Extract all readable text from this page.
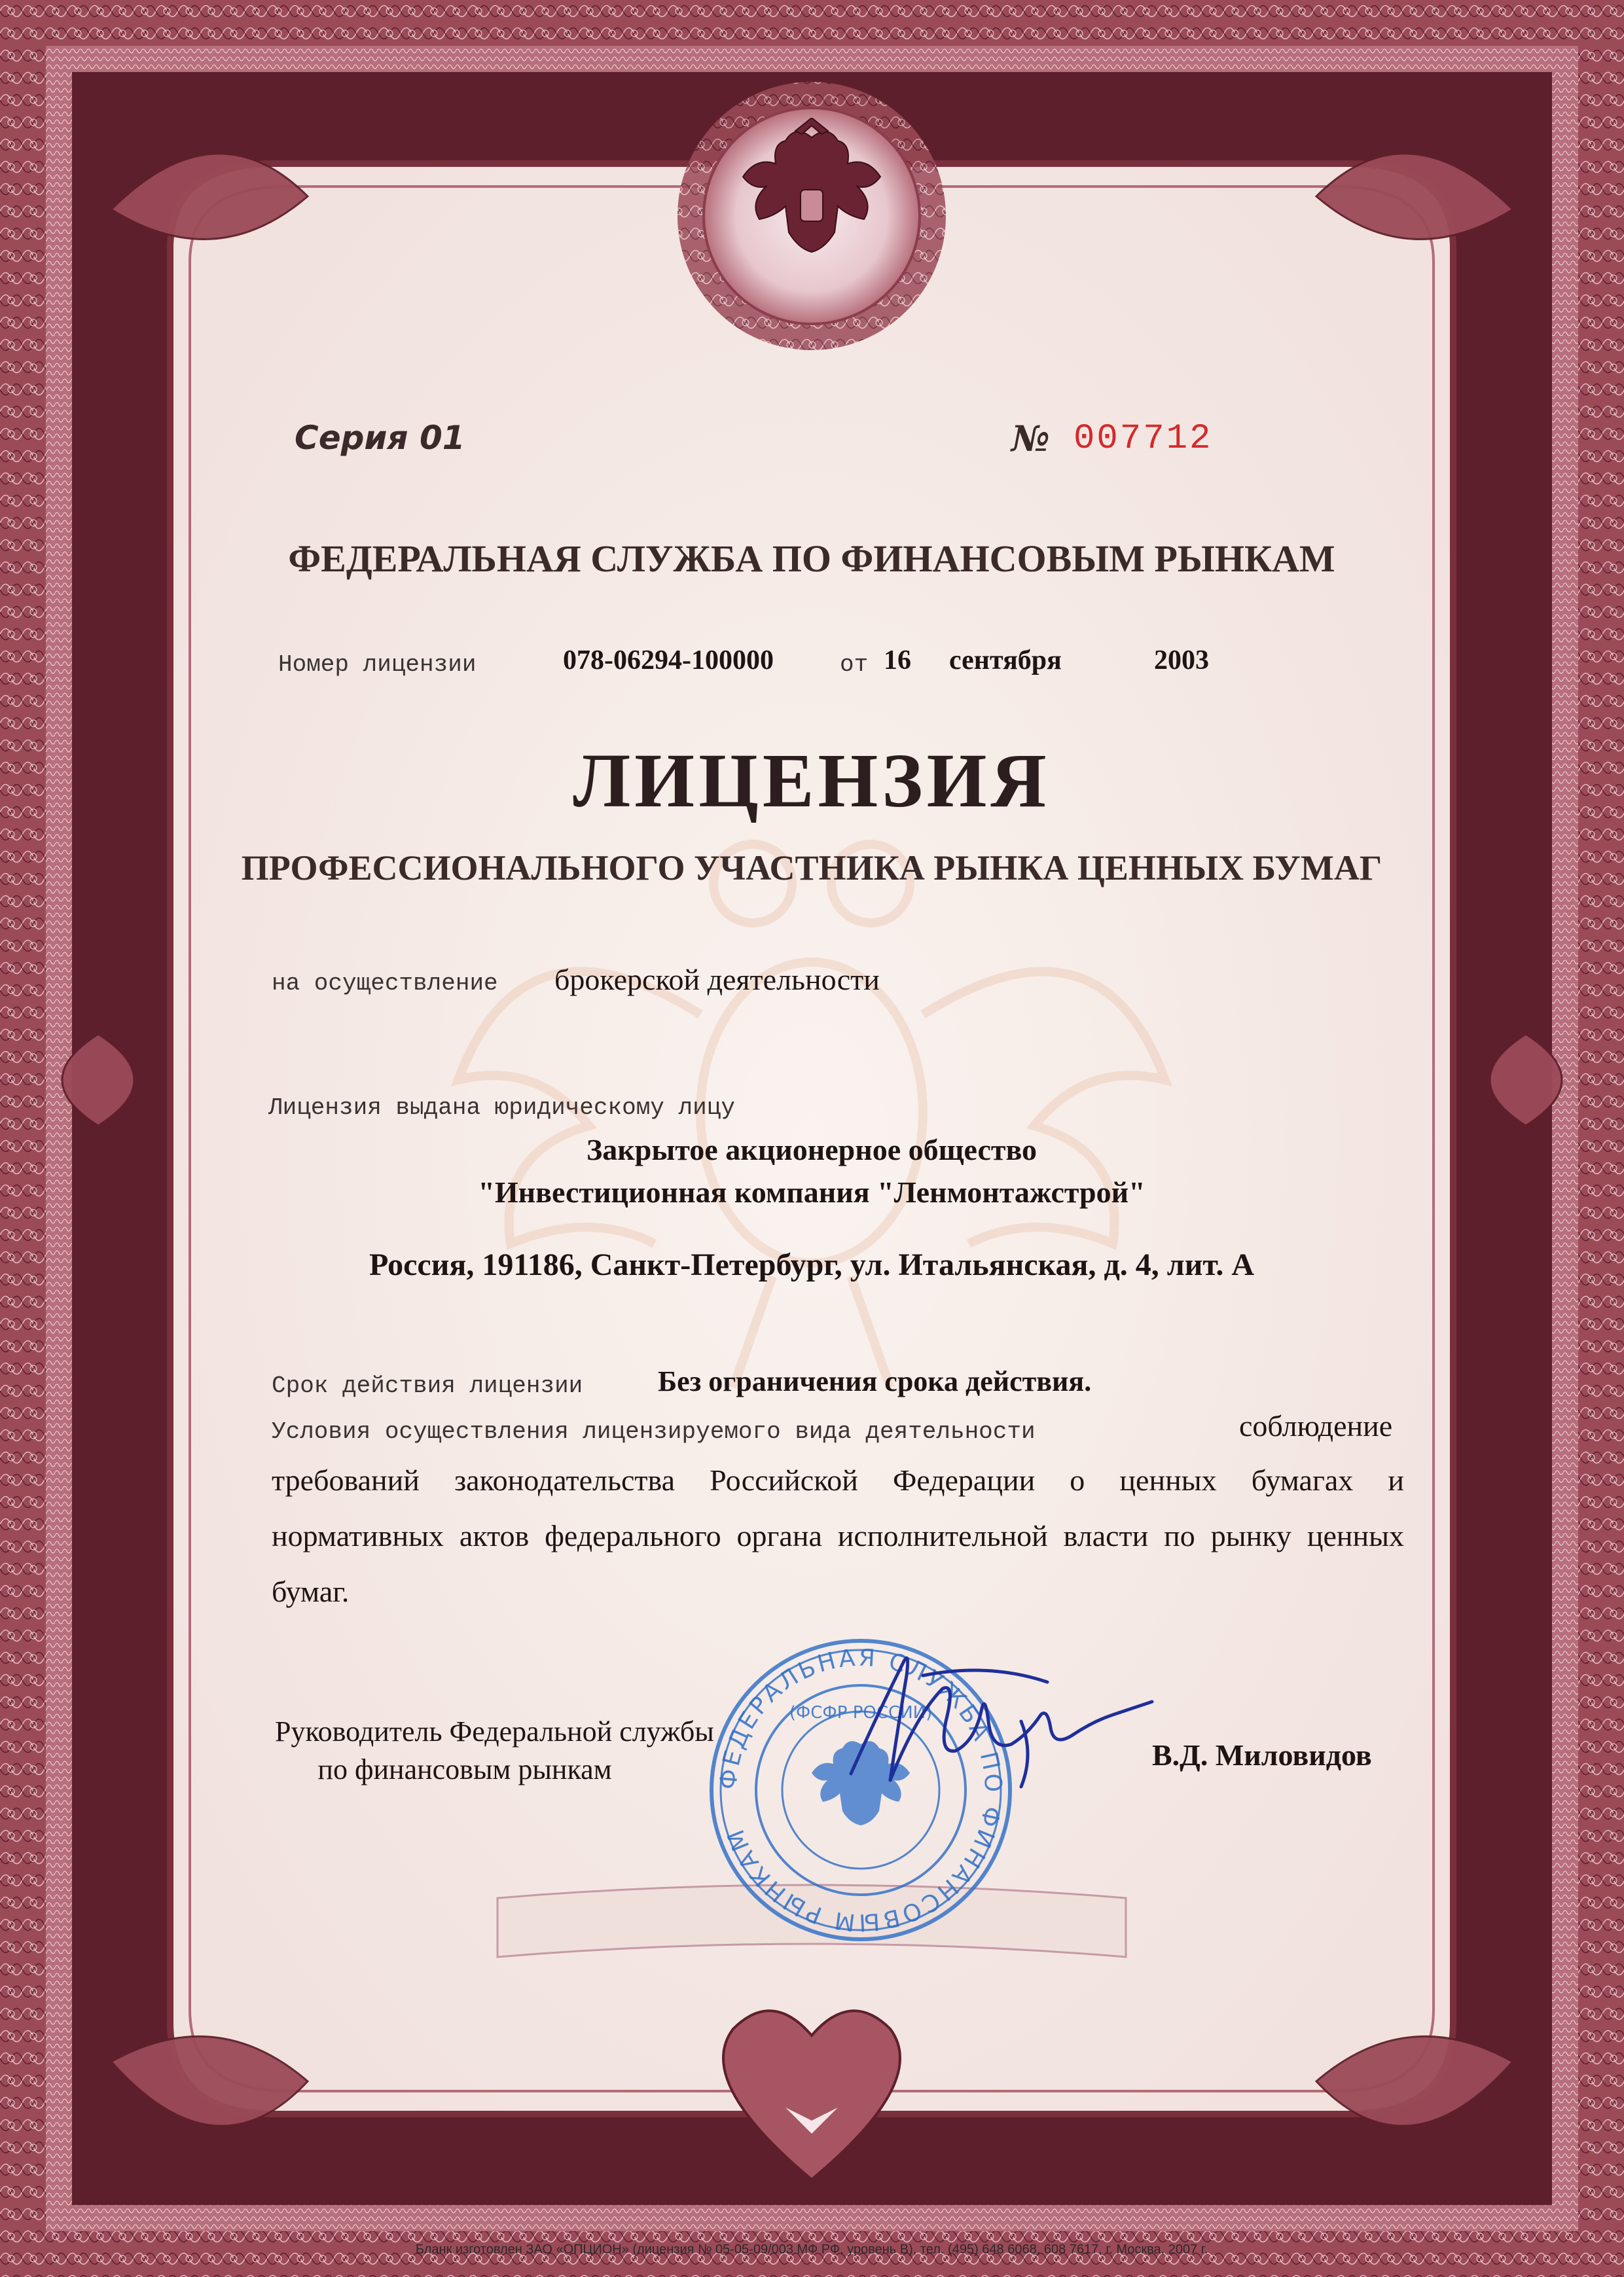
Серия 01	№ 007712

ФЕДЕРАЛЬНАЯ СЛУЖБА ПО ФИНАНСОВЫМ РЫНКАМ

Номер лицензии	078-06294-100000	от 16 сентября	2003

ЛИЦЕНЗИЯ

ПРОФЕССИОНАЛЬНОГО УЧАСТНИКА РЫНКА ЦЕННЫХ БУМАГ

на осуществление брокерской деятельности

Лицензия выдана юридическому лицу

Закрытое акционерное общество

"Инвестиционная компания "Ленмонтажстрой"

Россия, 191186, Санкт-Петербург, ул. Итальянская, д. 4, лит. А

Срок действия лицензии	Без ограничения срока действия.

Условия осуществления лицензируемого вида деятельности	соблюдение

требований законодательства Российской Федерации о ценных бумагах и

нормативных актов федерального органа исполнительной власти по рынку ценных

бумаг.

Руководитель Федеральной службы

по финансовым рынкам	В.Д. Миловидов

ФЕДЕРАЛЬНАЯ СЛУЖБА ПО ФИНАНСОВЫМ РЫНКАМ
(ФСФР РОССИИ)

Бланк изготовлен ЗАО «ОПЦИОН» (лицензия № 05-05-09/003 МФ РФ, уровень В), тел. (495) 648 6068, 608 7617, г. Москва, 2007 г.
